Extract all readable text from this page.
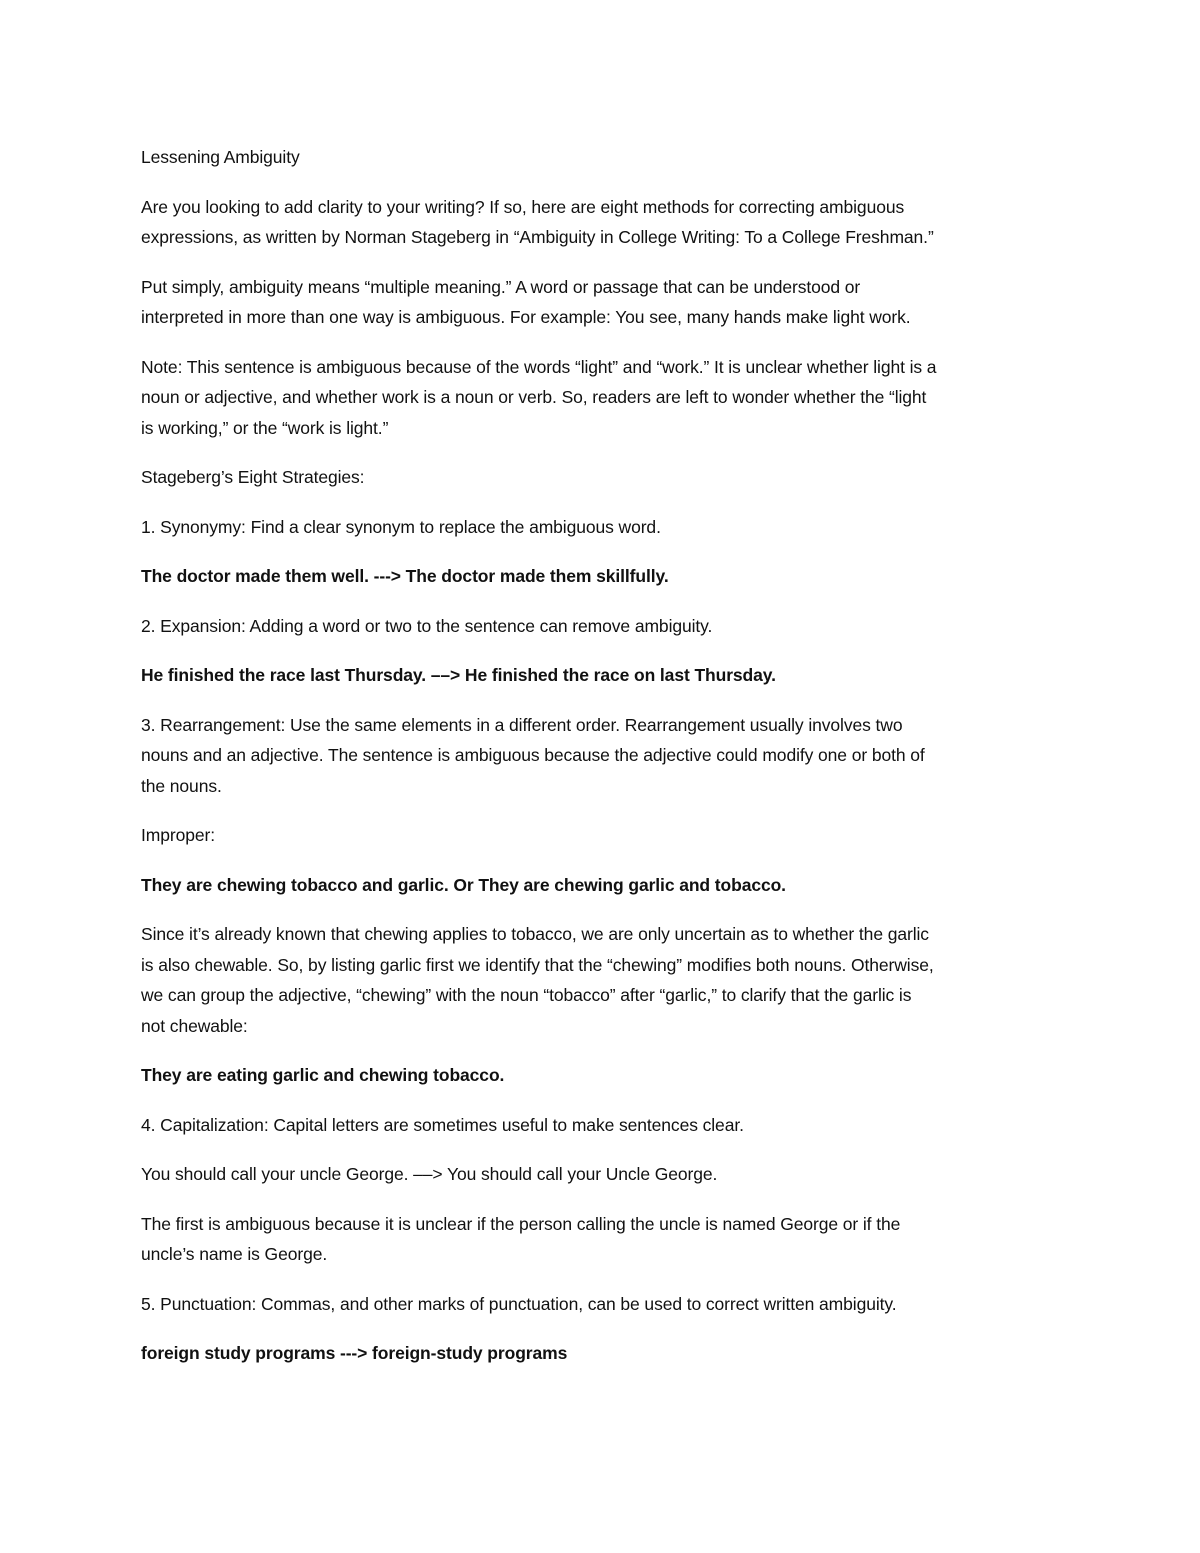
Lessening Ambiguity

Are you looking to add clarity to your writing? If so, here are eight methods for correcting ambiguous
expressions, as written by Norman Stageberg in “Ambiguity in College Writing: To a College Freshman.”

Put simply, ambiguity means “multiple meaning.” A word or passage that can be understood or
interpreted in more than one way is ambiguous. For example: You see, many hands make light work.

Note: This sentence is ambiguous because of the words “light” and “work.” It is unclear whether light is a
noun or adjective, and whether work is a noun or verb. So, readers are left to wonder whether the “light
is working,” or the “work is light.”

Stageberg’s Eight Strategies:

1. Synonymy: Find a clear synonym to replace the ambiguous word.

The doctor made them well. ---> The doctor made them skillfully.

2. Expansion: Adding a word or two to the sentence can remove ambiguity.

He finished the race last Thursday. ––> He finished the race on last Thursday.

3. Rearrangement: Use the same elements in a different order. Rearrangement usually involves two
nouns and an adjective. The sentence is ambiguous because the adjective could modify one or both of
the nouns.

Improper:

They are chewing tobacco and garlic. Or They are chewing garlic and tobacco.

Since it’s already known that chewing applies to tobacco, we are only uncertain as to whether the garlic
is also chewable. So, by listing garlic first we identify that the “chewing” modifies both nouns. Otherwise,
we can group the adjective, “chewing” with the noun “tobacco” after “garlic,” to clarify that the garlic is
not chewable:

They are eating garlic and chewing tobacco.

4. Capitalization: Capital letters are sometimes useful to make sentences clear.

You should call your uncle George. ––> You should call your Uncle George.

The first is ambiguous because it is unclear if the person calling the uncle is named George or if the
uncle’s name is George.

5. Punctuation: Commas, and other marks of punctuation, can be used to correct written ambiguity.

foreign study programs ---> foreign-study programs
